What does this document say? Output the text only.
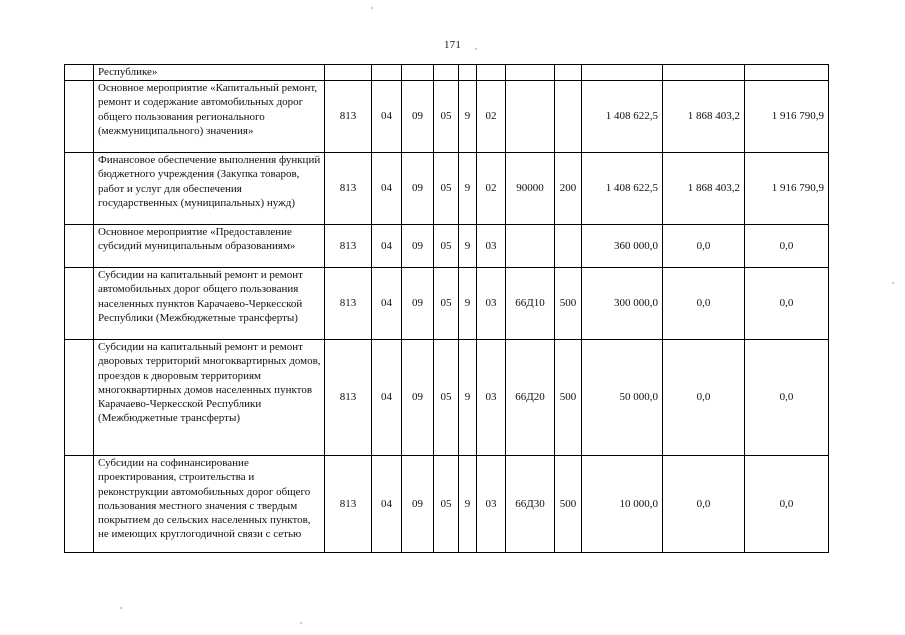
171
	Республике»											
	Основное мероприятие «Капитальный ремонт, ремонт и содержание автомобильных дорог общего пользования регионального (межмуниципального) значения»	813	04	09	05	9	02			1 408 622,5	1 868 403,2	1 916 790,9
	Финансовое обеспечение выполнения функций бюджетного учреждения (Закупка товаров, работ и услуг для обеспечения государственных (муниципальных) нужд)	813	04	09	05	9	02	90000	200	1 408 622,5	1 868 403,2	1 916 790,9
	Основное мероприятие «Предоставление субсидий муниципальным образованиям»	813	04	09	05	9	03			360 000,0	0,0	0,0
	Субсидии на капитальный ремонт и ремонт автомобильных дорог общего пользования населенных пунктов Карачаево-Черкесской Республики (Межбюджетные трансферты)	813	04	09	05	9	03	66Д10	500	300 000,0	0,0	0,0
	Субсидии на капитальный ремонт и ремонт дворовых территорий многоквартирных домов, проездов к дворовым территориям многоквартирных домов населенных пунктов Карачаево-Черкесской Республики (Межбюджетные трансферты)	813	04	09	05	9	03	66Д20	500	50 000,0	0,0	0,0
	Субсидии на софинансирование проектирования, строительства и реконструкции автомобильных дорог общего пользования местного значения с твердым покрытием до сельских населенных пунктов, не имеющих круглогодичной связи с сетью	813	04	09	05	9	03	66Д30	500	10 000,0	0,0	0,0
